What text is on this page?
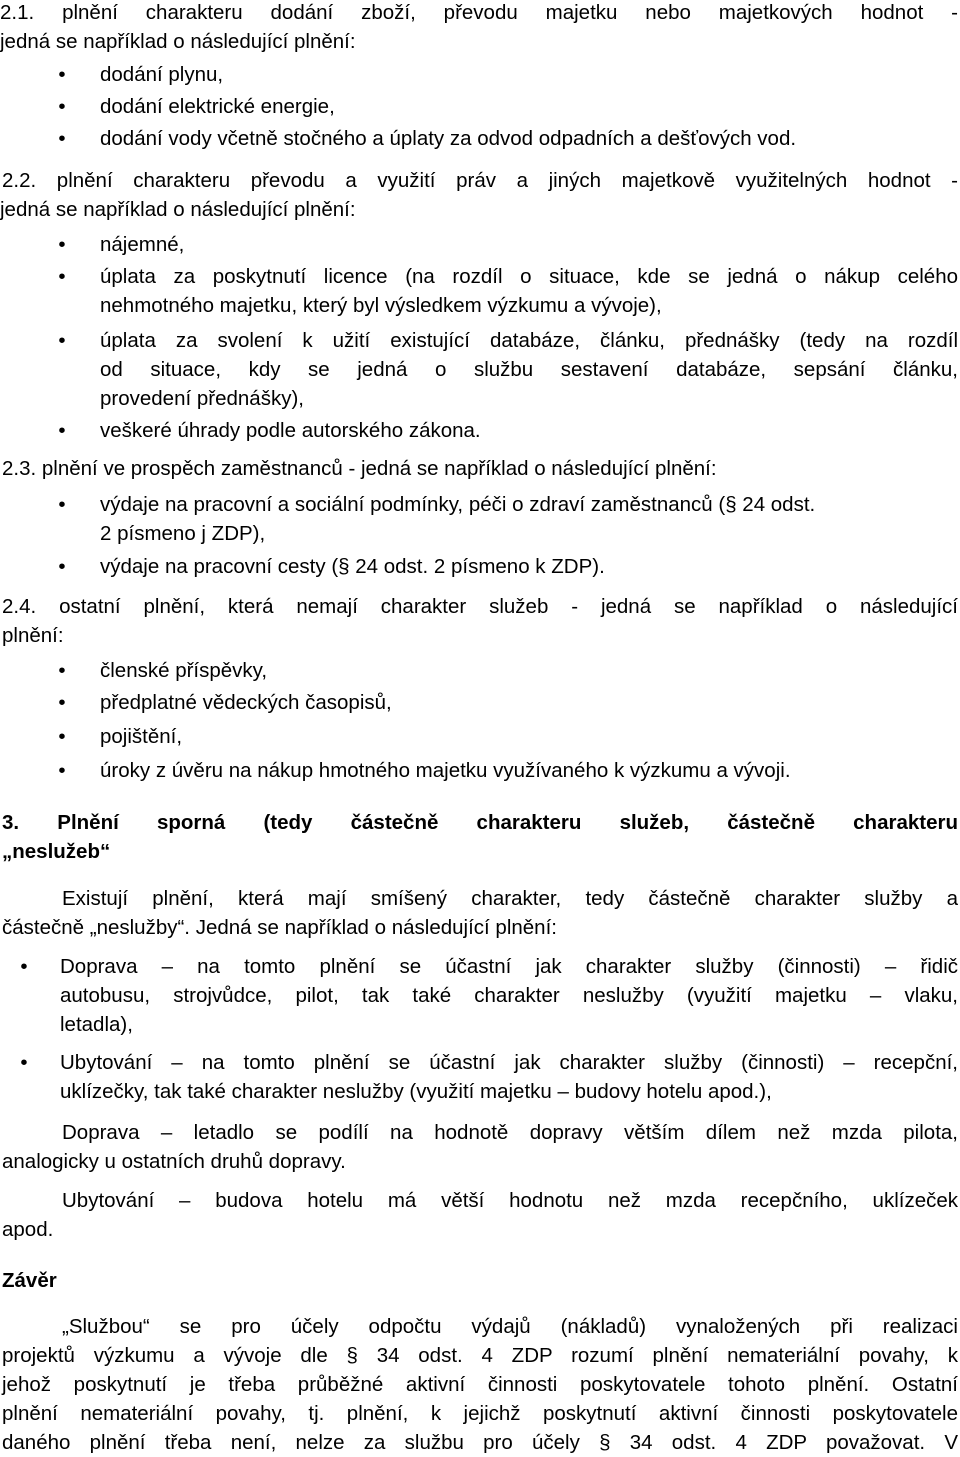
2.1. plnění charakteru dodání zboží, převodu majetku nebo majetkových hodnot -
jedná se například o následující plnění:
•	dodání plynu,
•	dodání elektrické energie,
•	dodání vody včetně stočného a úplaty za odvod odpadních a dešťových vod.
2.2. plnění charakteru převodu a využití práv a jiných majetkově využitelných hodnot -
jedná se například o následující plnění:
•	nájemné,
•	úplata za poskytnutí licence (na rozdíl o situace, kde se jedná o nákup celého
nehmotného majetku, který byl výsledkem výzkumu a vývoje),
•	úplata za svolení k užití existující databáze, článku, přednášky (tedy na rozdíl
od situace, kdy se jedná o službu sestavení databáze, sepsání článku,
provedení přednášky),
•	veškeré úhrady podle autorského zákona.
2.3. plnění ve prospěch zaměstnanců - jedná se například o následující plnění:
•	výdaje na pracovní a sociální podmínky, péči o zdraví zaměstnanců (§ 24 odst.
2 písmeno j ZDP),
•	výdaje na pracovní cesty (§ 24 odst. 2 písmeno k ZDP).
2.4. ostatní plnění, která nemají charakter služeb - jedná se například o následující
plnění:
•	členské příspěvky,
•	předplatné vědeckých časopisů,
•	pojištění,
•	úroky z úvěru na nákup hmotného majetku využívaného k výzkumu a vývoji.
3. Plnění sporná (tedy částečně charakteru služeb, částečně charakteru
„neslužeb“
Existují plnění, která mají smíšený charakter, tedy částečně charakter služby a
částečně „neslužby“. Jedná se například o následující plnění:
•	Doprava – na tomto plnění se účastní jak charakter služby (činnosti) – řidič
autobusu, strojvůdce, pilot, tak také charakter neslužby (využití majetku – vlaku,
letadla),
•	Ubytování – na tomto plnění se účastní jak charakter služby (činnosti) – recepční,
uklízečky, tak také charakter neslužby (využití majetku – budovy hotelu apod.),
Doprava – letadlo se podílí na hodnotě dopravy větším dílem než mzda pilota,
analogicky u ostatních druhů dopravy.
Ubytování – budova hotelu má větší hodnotu než mzda recepčního, uklízeček
apod.
Závěr
„Službou“ se pro účely odpočtu výdajů (nákladů) vynaložených při realizaci
projektů výzkumu a vývoje dle § 34 odst. 4 ZDP rozumí plnění nemateriální povahy, k
jehož poskytnutí je třeba průběžné aktivní činnosti poskytovatele tohoto plnění. Ostatní
plnění nemateriální povahy, tj. plnění, k jejichž poskytnutí aktivní činnosti poskytovatele
daného plnění třeba není, nelze za službu pro účely § 34 odst. 4 ZDP považovat. V
